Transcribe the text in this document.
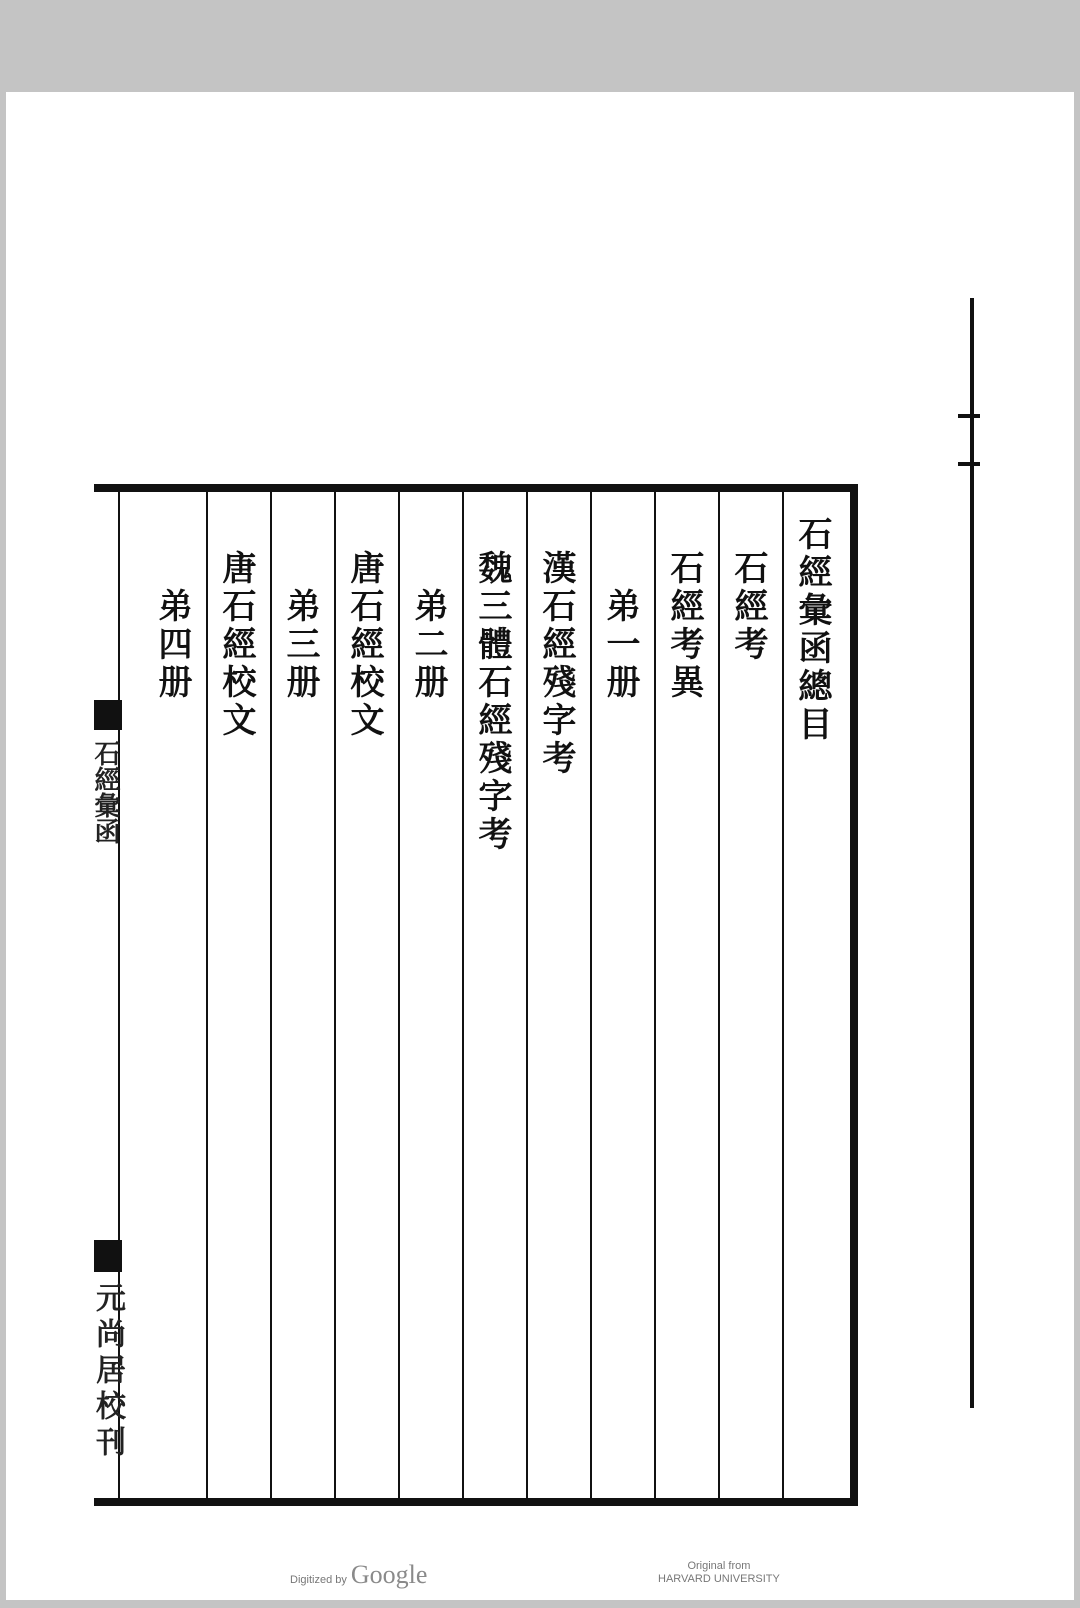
石經彙函總目
石經考
石經考異
弟一册
漢石經殘字考
魏三體石經殘字考
弟二册
唐石經校文
弟三册
唐石經校文
弟四册
石經彙函
元尚居校刊
Digitized by Google	Original from
HARVARD UNIVERSITY
